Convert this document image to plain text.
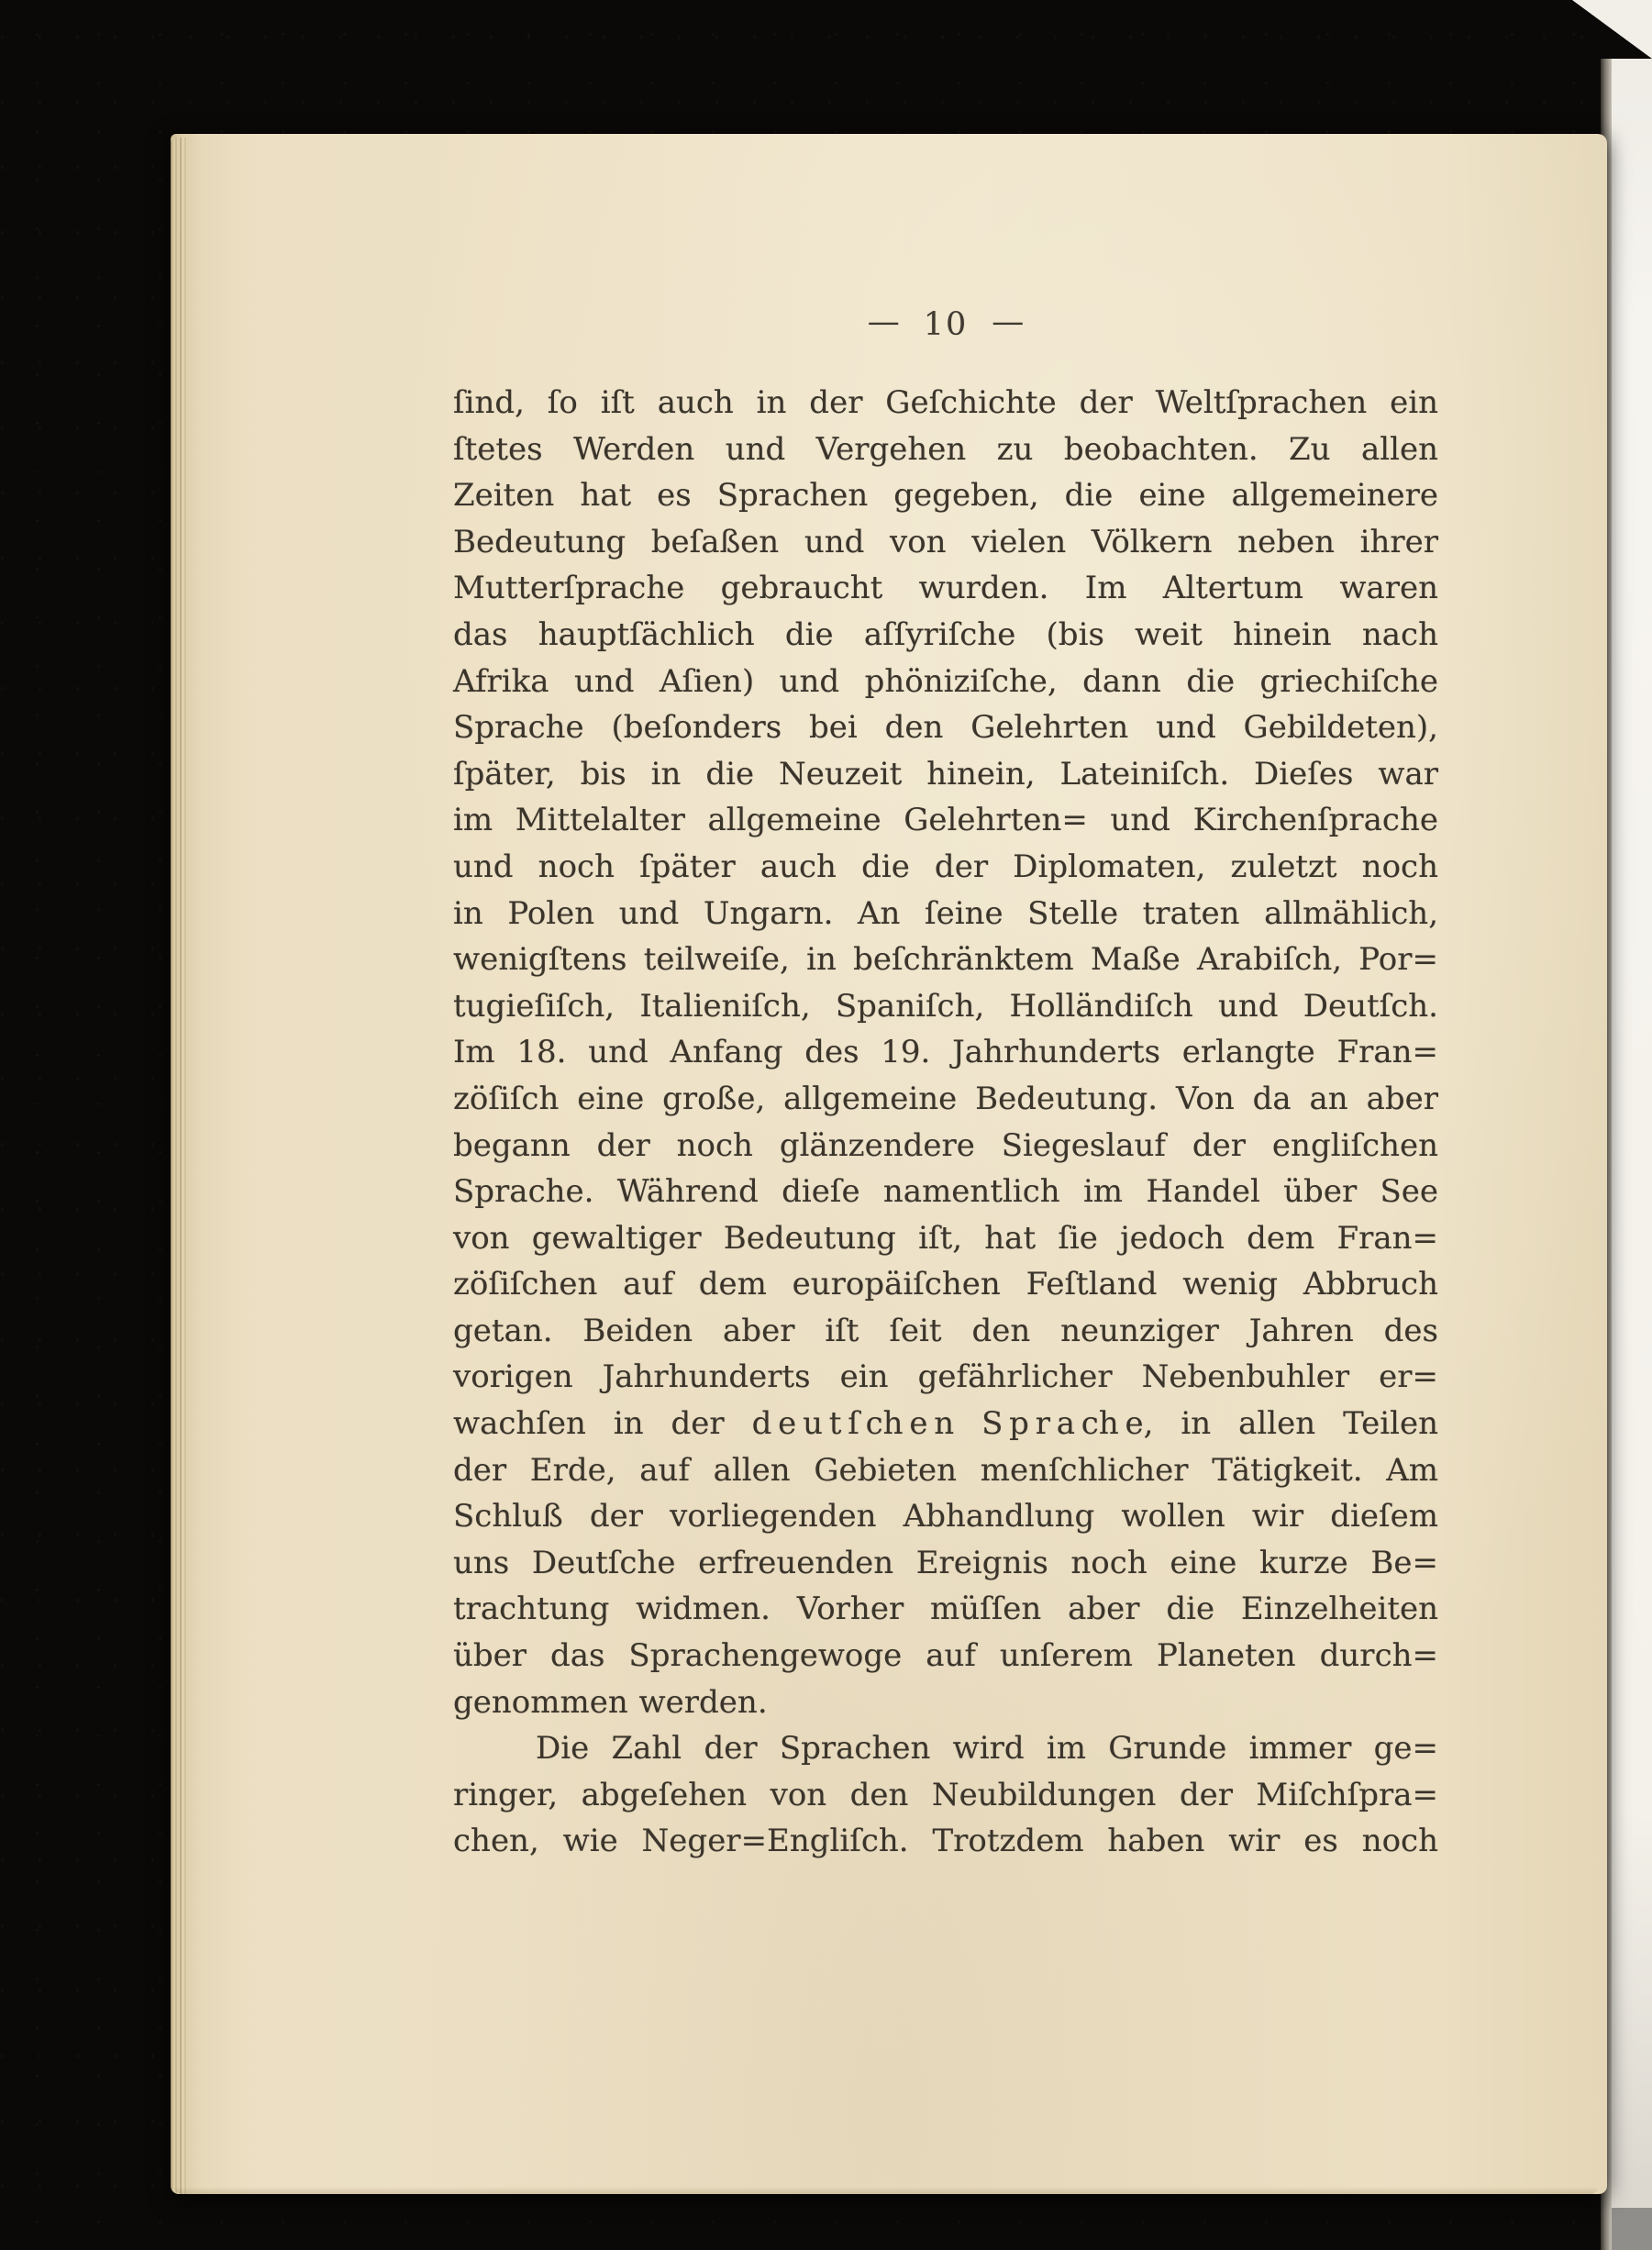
— 10 —
ſind, ſo iſt auch in der Geſchichte der Weltſprachen ein
ſtetes Werden und Vergehen zu beobachten. Zu allen
Zeiten hat es Sprachen gegeben, die eine allgemeinere
Bedeutung beſaßen und von vielen Völkern neben ihrer
Mutterſprache gebraucht wurden. Im Altertum waren
das hauptſächlich die aſſyriſche (bis weit hinein nach
Afrika und Aſien) und phöniziſche, dann die griechiſche
Sprache (beſonders bei den Gelehrten und Gebildeten),
ſpäter, bis in die Neuzeit hinein, Lateiniſch. Dieſes war
im Mittelalter allgemeine Gelehrten= und Kirchenſprache
und noch ſpäter auch die der Diplomaten, zuletzt noch
in Polen und Ungarn. An ſeine Stelle traten allmählich,
wenigſtens teilweiſe, in beſchränktem Maße Arabiſch, Por=
tugieſiſch, Italieniſch, Spaniſch, Holländiſch und Deutſch.
Im 18. und Anfang des 19. Jahrhunderts erlangte Fran=
zöſiſch eine große, allgemeine Bedeutung. Von da an aber
begann der noch glänzendere Siegeslauf der engliſchen
Sprache. Während dieſe namentlich im Handel über See
von gewaltiger Bedeutung iſt, hat ſie jedoch dem Fran=
zöſiſchen auf dem europäiſchen Feſtland wenig Abbruch
getan. Beiden aber iſt ſeit den neunziger Jahren des
vorigen Jahrhunderts ein gefährlicher Nebenbuhler er=
wachſen in der d e u t ſ ch e n S p r a ch e, in allen Teilen
der Erde, auf allen Gebieten menſchlicher Tätigkeit. Am
Schluß der vorliegenden Abhandlung wollen wir dieſem
uns Deutſche erfreuenden Ereignis noch eine kurze Be=
trachtung widmen. Vorher müſſen aber die Einzelheiten
über das Sprachengewoge auf unſerem Planeten durch=
genommen werden.
Die Zahl der Sprachen wird im Grunde immer ge=
ringer, abgeſehen von den Neubildungen der Miſchſpra=
chen, wie Neger=Engliſch. Trotzdem haben wir es noch
